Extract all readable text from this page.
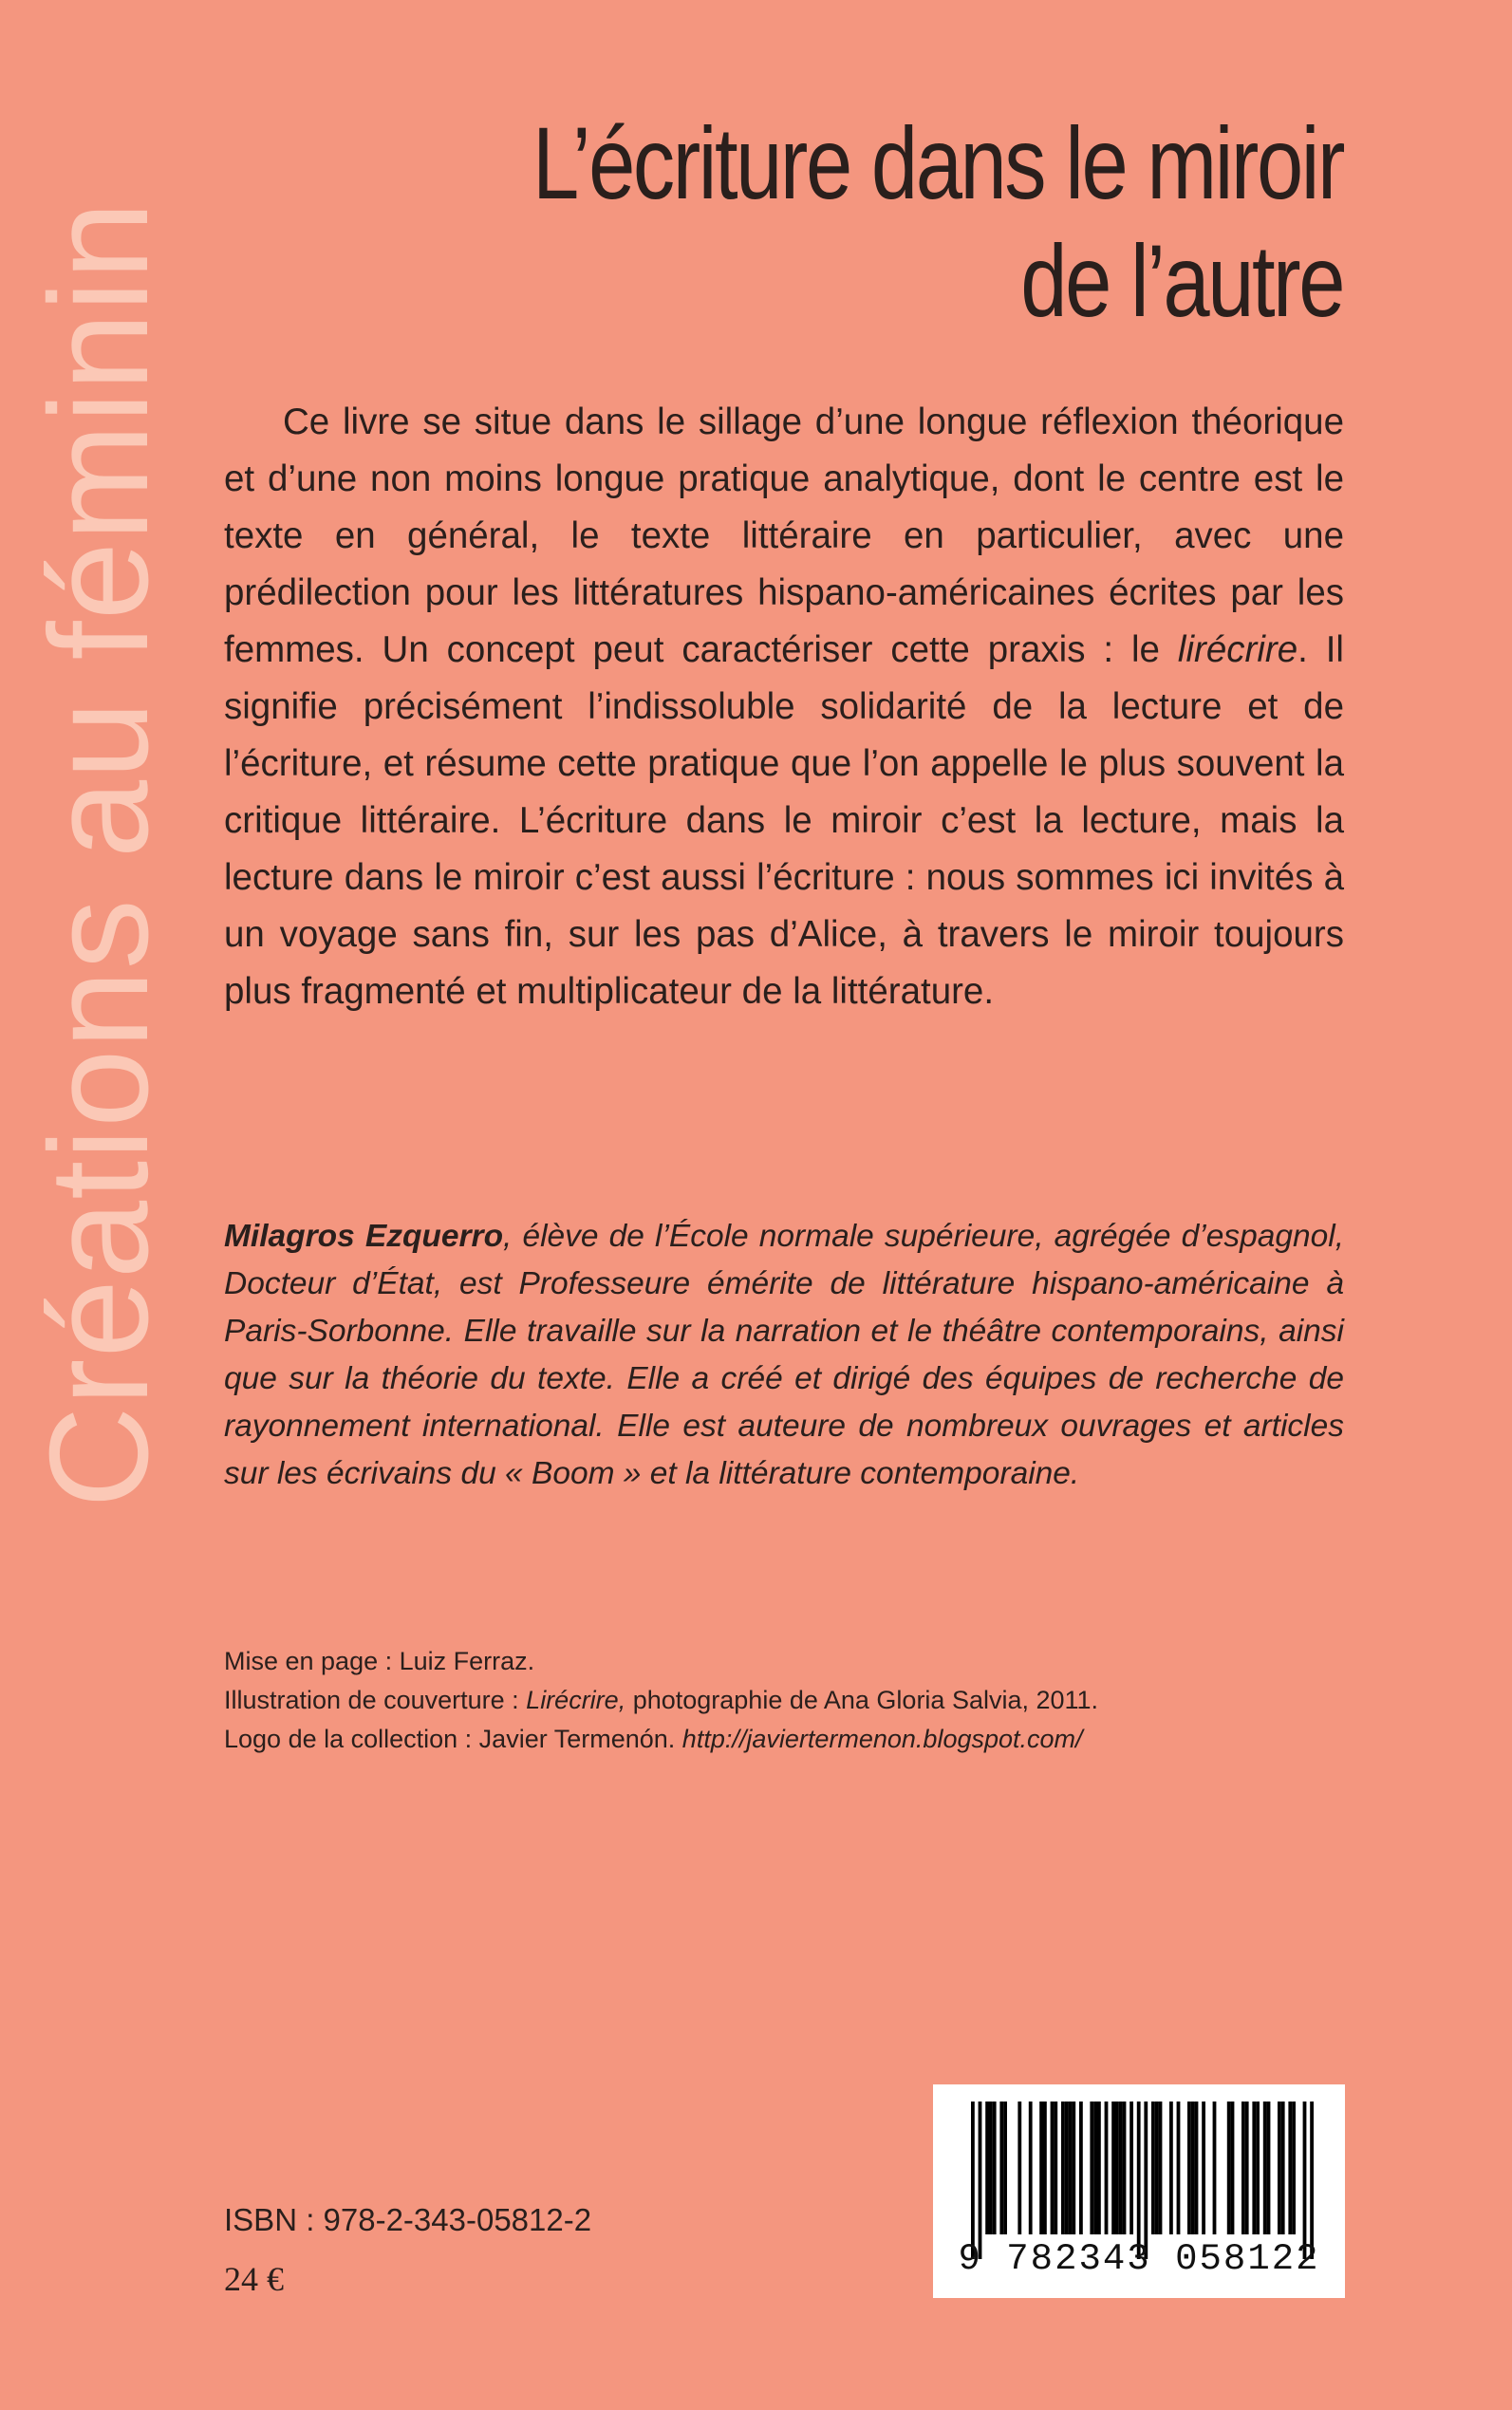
Créations au féminin
L’écriture dans le miroir
de l’autre

Ce livre se situe dans le sillage d’une longue réflexion théorique et d’une non moins longue pratique analytique, dont le centre est le texte en général, le texte littéraire en particulier, avec une prédilection pour les littératures hispano-américaines écrites par les femmes. Un concept peut caractériser cette praxis : le lirécrire. Il signifie précisément l’indissoluble solidarité de la lecture et de l’écriture, et résume cette pratique que l’on appelle le plus souvent la critique littéraire. L’écriture dans le miroir c’est la lecture, mais la lecture dans le miroir c’est aussi l’écriture : nous sommes ici invités à un voyage sans fin, sur les pas d’Alice, à travers le miroir toujours plus fragmenté et multiplicateur de la littérature.

Milagros Ezquerro, élève de l’École normale supérieure, agrégée d’espagnol, Docteur d’État, est Professeure émérite de littérature hispano-américaine à Paris-Sorbonne. Elle travaille sur la narration et le théâtre contemporains, ainsi que sur la théorie du texte. Elle a créé et dirigé des équipes de recherche de rayonnement international. Elle est auteure de nombreux ouvrages et articles sur les écrivains du « Boom » et la littérature contemporaine.

Mise en page : Luiz Ferraz.
Illustration de couverture : Lirécrire, photographie de Ana Gloria Salvia, 2011.
Logo de la collection : Javier Termenón. http://javiertermenon.blogspot.com/
ISBN : 978-2-343-05812-2
24 €	9 782343 058122
